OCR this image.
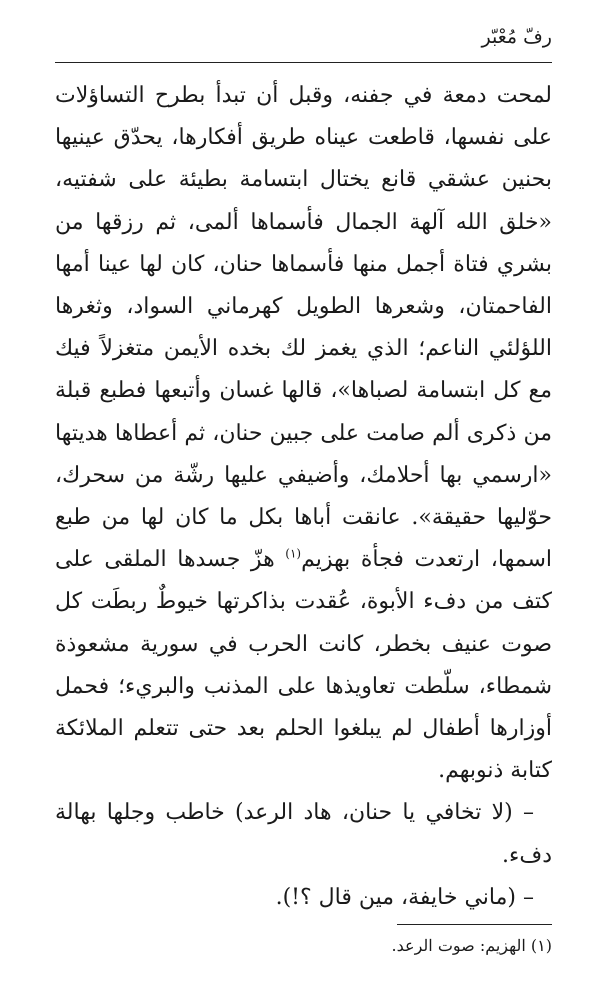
رفّ مُعْبّر

لمحت دمعة في جفنه، وقبل أن تبدأ بطرح التساؤلات على نفسها، قاطعت عيناه طريق أفكارها، يحدّق عينيها بحنين عشقي قانع يختال ابتسامة بطيئة على شفتيه، «خلق الله آلهة الجمال فأسماها ألمى، ثم رزقها من بشري فتاة أجمل منها فأسماها حنان، كان لها عينا أمها الفاحمتان، وشعرها الطويل كهرماني السواد، وثغرها اللؤلئي الناعم؛ الذي يغمز لك بخده الأيمن متغزلاً فيك مع كل ابتسامة لصباها»، قالها غسان وأتبعها فطبع قبلة من ذكرى ألم صامت على جبين حنان، ثم أعطاها هديتها «ارسمي بها أحلامك، وأضيفي عليها رشّة من سحرك، حوّليها حقيقة». عانقت أباها بكل ما كان لها من طبع اسمها، ارتعدت فجأة بهزيم$^{(١)}$ هزّ جسدها الملقى على كتف من دفء الأبوة، عُقدت بذاكرتها خيوطٌ ربطَت كل صوت عنيف بخطر، كانت الحرب في سورية مشعوذة شمطاء، سلّطت تعاويذها على المذنب والبريء؛ فحمل أوزارها أطفال لم يبلغوا الحلم بعد حتى تتعلم الملائكة كتابة ذنوبهم.

– (لا تخافي يا حنان، هاد الرعد) خاطب وجلها بهالة دفء.

– (ماني خايفة، مين قال ؟!).

(١) الهزيم: صوت الرعد.
